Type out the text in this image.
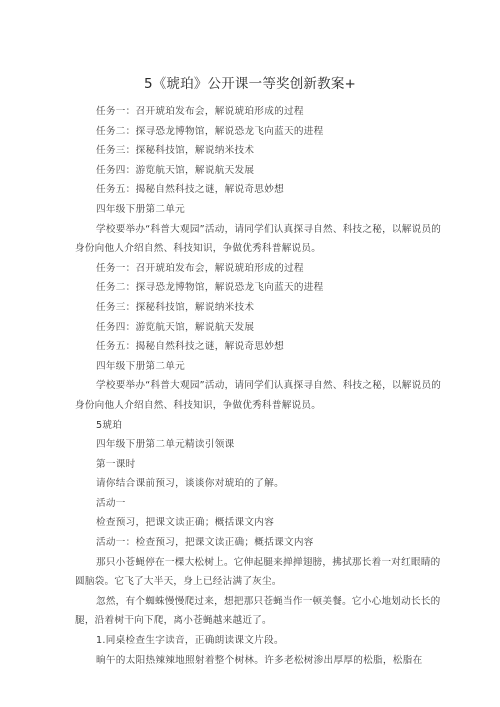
5《琥珀》公开课一等奖创新教案+

任务一：召开琥珀发布会，解说琥珀形成的过程

任务二：探寻恐龙博物馆，解说恐龙飞向蓝天的进程

任务三：探秘科技馆，解说纳米技术

任务四：游览航天馆，解说航天发展

任务五：揭秘自然科技之谜，解说奇思妙想

四年级下册第二单元

学校要举办“科普大观园”活动，请同学们认真探寻自然、科技之秘，以解说员的身份向他人介绍自然、科技知识，争做优秀科普解说员。

任务一：召开琥珀发布会，解说琥珀形成的过程

任务二：探寻恐龙博物馆，解说恐龙飞向蓝天的进程

任务三：探秘科技馆，解说纳米技术

任务四：游览航天馆，解说航天发展

任务五：揭秘自然科技之谜，解说奇思妙想

四年级下册第二单元

学校要举办“科普大观园”活动，请同学们认真探寻自然、科技之秘，以解说员的身份向他人介绍自然、科技知识，争做优秀科普解说员。

5琥珀

四年级下册第二单元精读引领课

第一课时

请你结合课前预习，谈谈你对琥珀的了解。

活动一

检查预习，把课文读正确；概括课文内容

活动一：检查预习，把课文读正确；概括课文内容

那只小苍蝇停在一棵大松树上。它伸起腿来掸掸翅膀，拂拭那长着一对红眼睛的圆脑袋。它飞了大半天，身上已经沾满了灰尘。

忽然，有个蜘蛛慢慢爬过来，想把那只苍蝇当作一顿美餐。它小心地划动长长的腿，沿着树干向下爬，离小苍蝇越来越近了。

1.同桌检查生字读音，正确朗读课文片段。

晌午的太阳热辣辣地照射着整个树林。许多老松树渗出厚厚的松脂，松脂在
